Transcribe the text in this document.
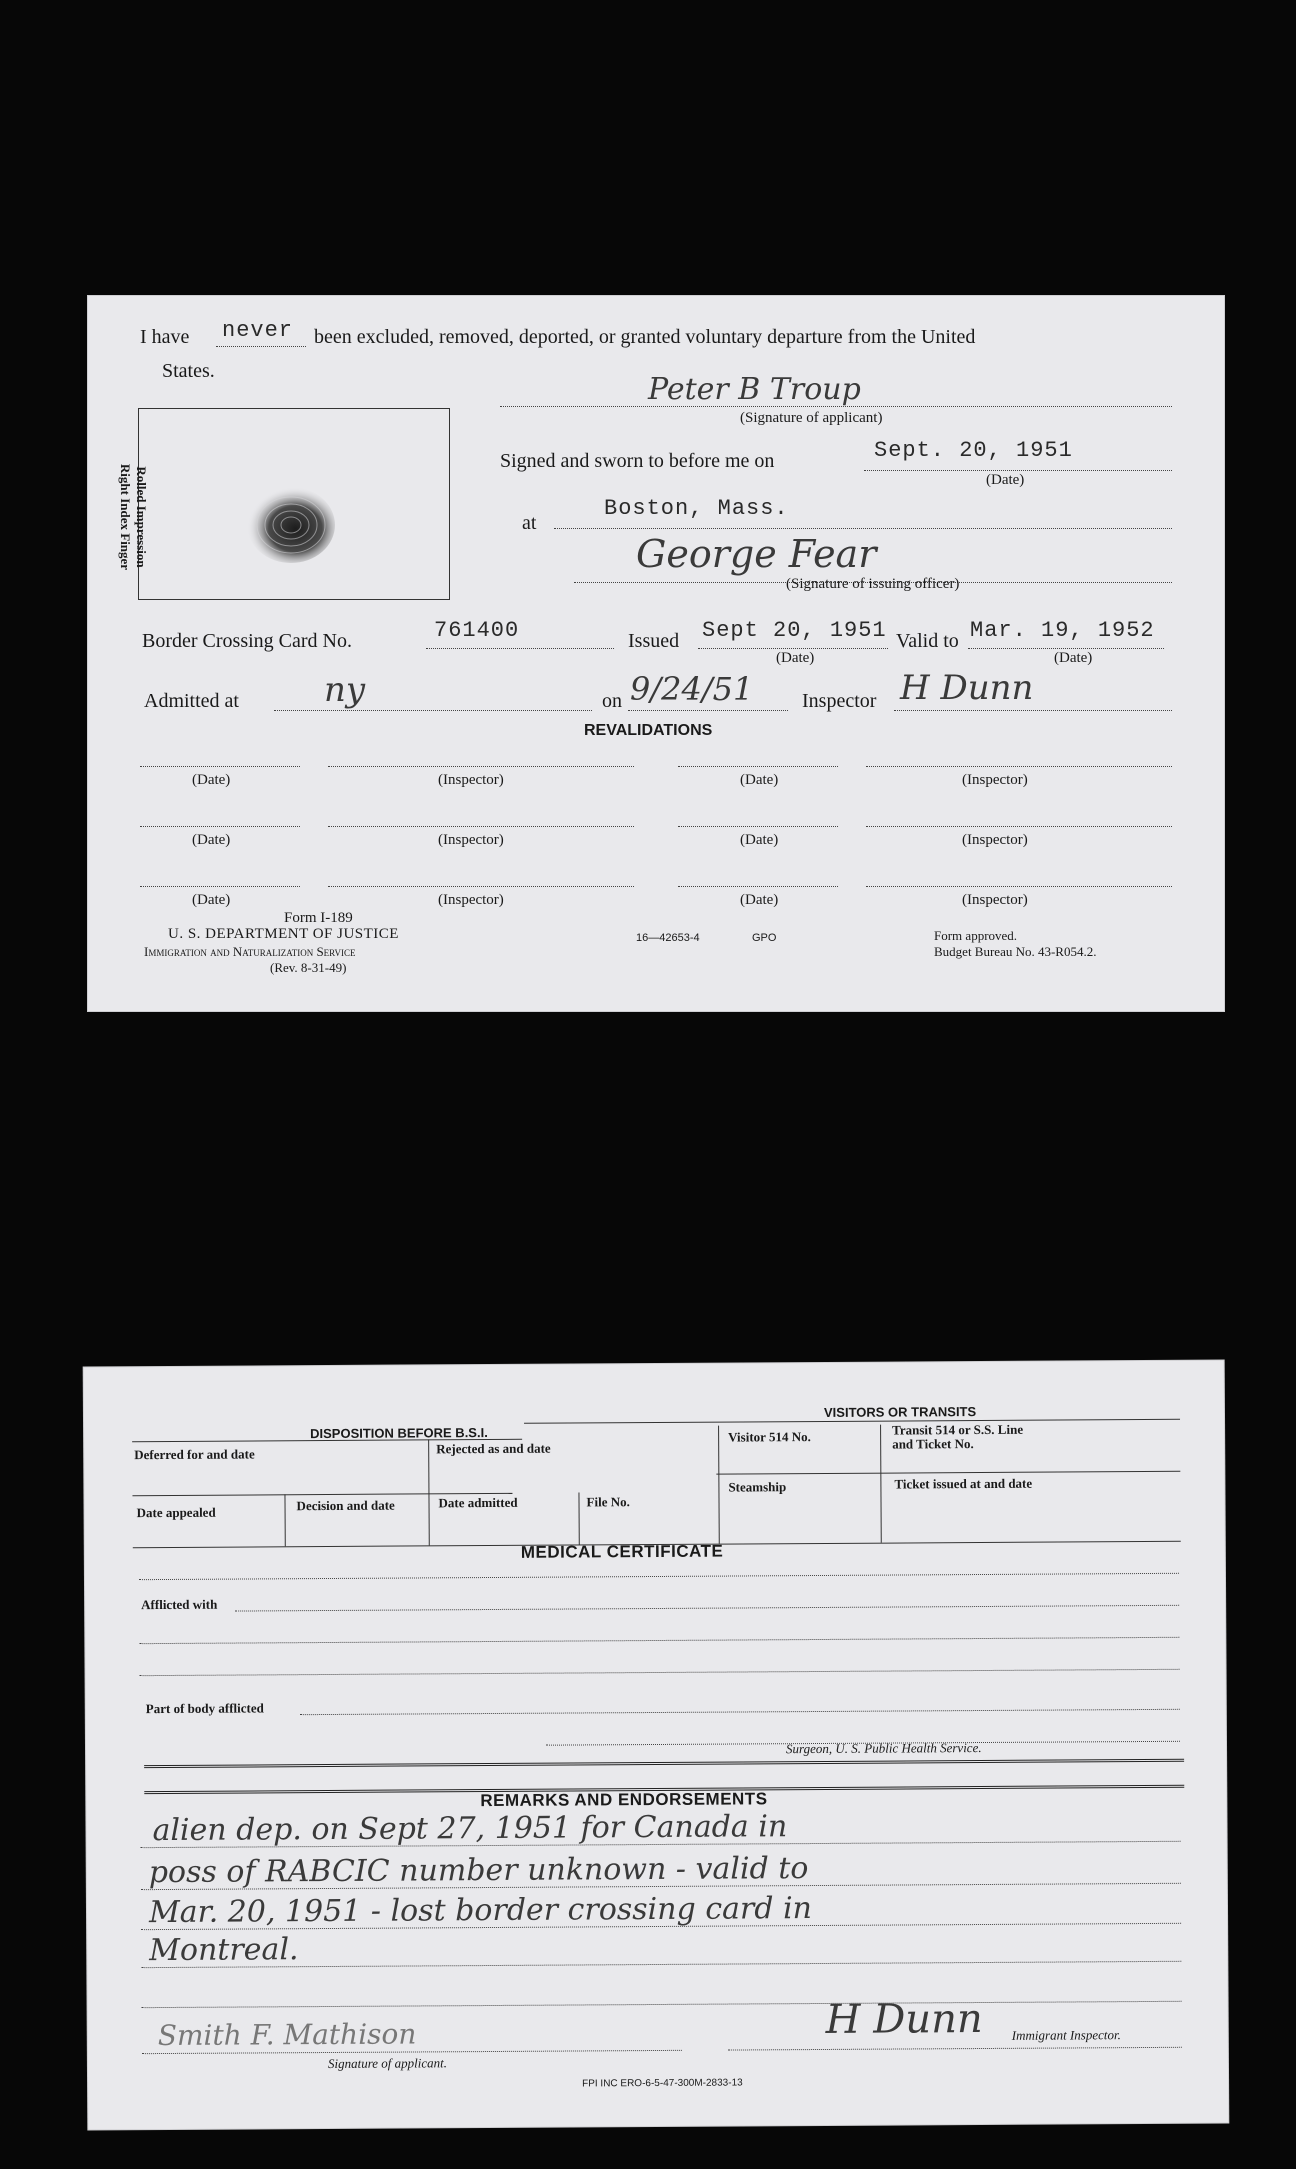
I have never been excluded, removed, deported, or granted voluntary departure from the United
States.
Peter B Troup
(Signature of applicant)
Rolled Impression
Right Index Finger
Signed and sworn to before me on	Sept. 20, 1951
(Date)
at
Boston, Mass.
George Fear
(Signature of issuing officer)
Border Crossing Card No.	761400	Issued Sept 20, 1951
(Date)
Valid to Mar. 19, 1952
(Date)
Admitted at	ny	on 9/24/51 Inspector H Dunn
REVALIDATIONS
(Date)	(Inspector)	(Date)	(Inspector)
(Date)	(Inspector)	(Date)	(Inspector)
(Date)	(Inspector)	(Date)	(Inspector)
Form I-189
U. S. DEPARTMENT OF JUSTICE
Immigration and Naturalization Service
(Rev. 8-31-49)
16—42653-4	GPO	Form approved.
Budget Bureau No. 43-R054.2.
DISPOSITION BEFORE B.S.I.
VISITORS OR TRANSITS
Deferred for and date	Rejected as and date
Visitor 514 No.	Transit 514 or S.S. Line
and Ticket No.
Date appealed	Decision and date	Date admitted	File No.
Steamship	Ticket issued at and date
MEDICAL CERTIFICATE
Afflicted with
Part of body afflicted
Surgeon, U. S. Public Health Service.
REMARKS AND ENDORSEMENTS
alien dep. on Sept 27, 1951 for Canada in
poss of RABCIC number unknown - valid to
Mar. 20, 1951 - lost border crossing card in
Montreal.
Smith F. Mathison
Signature of applicant.
H Dunn Immigrant Inspector.
FPI INC ERO-6-5-47-300M-2833-13
